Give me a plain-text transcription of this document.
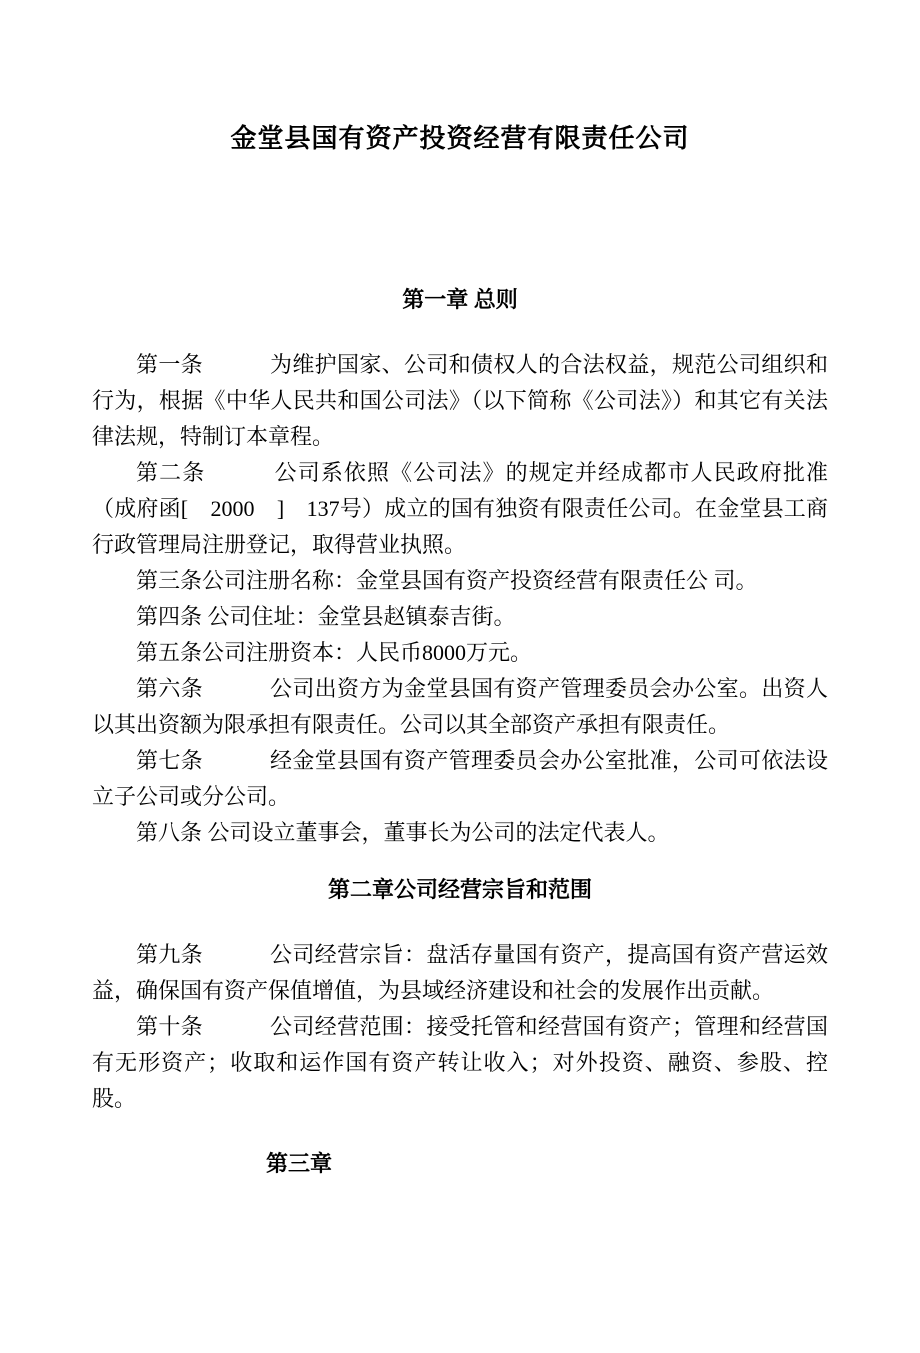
金堂县国有资产投资经营有限责任公司
第一章 总则

第一条　　　为维护国家、公司和债权人的合法权益，规范公司组织和行为，根据《中华人民共和国公司法》（以下简称《公司法》）和其它有关法律法规，特制订本章程。

第二条　　　公司系依照《公司法》的规定并经成都市人民政府批准（成府函[　2000　]　137号）成立的国有独资有限责任公司。在金堂县工商行政管理局注册登记，取得营业执照。

第三条公司注册名称：金堂县国有资产投资经营有限责任公 司。

第四条 公司住址：金堂县赵镇泰吉街。

第五条公司注册资本：人民币8000万元。

第六条　　　公司出资方为金堂县国有资产管理委员会办公室。出资人以其出资额为限承担有限责任。公司以其全部资产承担有限责任。

第七条　　　经金堂县国有资产管理委员会办公室批准，公司可依法设立子公司或分公司。

第八条 公司设立董事会，董事长为公司的法定代表人。

第二章公司经营宗旨和范围

第九条　　　公司经营宗旨：盘活存量国有资产，提高国有资产营运效益，确保国有资产保值增值，为县域经济建设和社会的发展作出贡献。

第十条　　　公司经营范围：接受托管和经营国有资产；管理和经营国有无形资产；收取和运作国有资产转让收入；对外投资、融资、参股、控股。

第三章
